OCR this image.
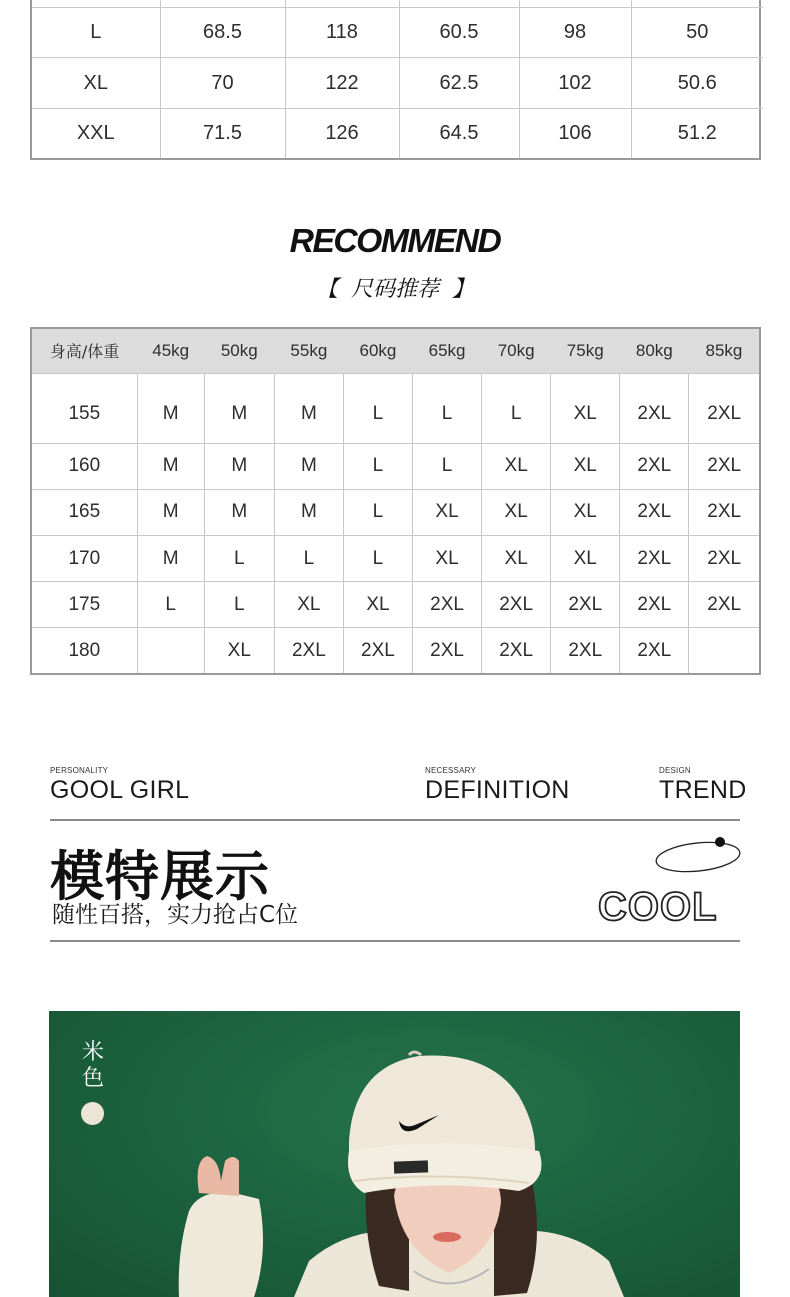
L	68.5	118	60.5	98	50
XL	70	122	62.5	102	50.6
XXL	71.5	126	64.5	106	51.2
RECOMMEND
【 尺码推荐 】
身高/体重	45kg	50kg	55kg	60kg	65kg	70kg	75kg	80kg	85kg
155	M	M	M	L	L	L	XL	2XL	2XL
160	M	M	M	L	L	XL	XL	2XL	2XL
165	M	M	M	L	XL	XL	XL	2XL	2XL
170	M	L	L	L	XL	XL	XL	2XL	2XL
175	L	L	XL	XL	2XL	2XL	2XL	2XL	2XL
180		XL	2XL	2XL	2XL	2XL	2XL	2XL	
PERSONALITY
GOOL GIRL
NECESSARY
DEFINITION
DESIGN
TREND
模特展示
随性百搭，实力抢占C位	COOL
米色
